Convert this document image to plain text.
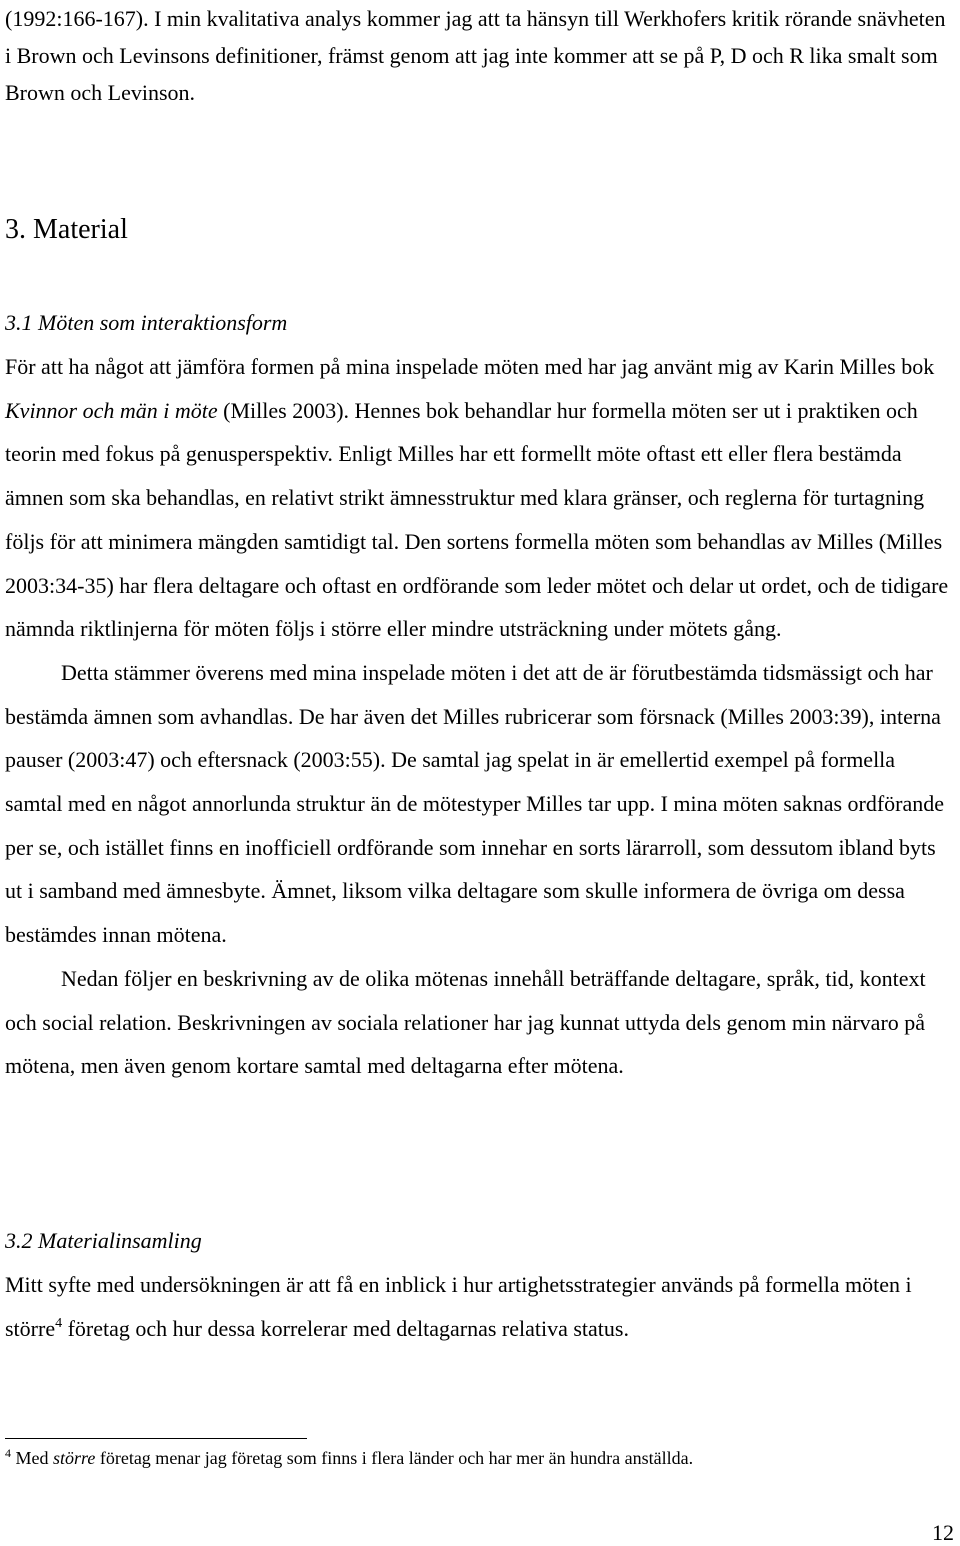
(1992:166-167). I min kvalitativa analys kommer jag att ta hänsyn till Werkhofers kritik rörande snävheten i Brown och Levinsons definitioner, främst genom att jag inte kommer att se på P, D och R lika smalt som Brown och Levinson.

3. Material

3.1 Möten som interaktionsform

För att ha något att jämföra formen på mina inspelade möten med har jag använt mig av Karin Milles bok Kvinnor och män i möte (Milles 2003). Hennes bok behandlar hur formella möten ser ut i praktiken och teorin med fokus på genusperspektiv. Enligt Milles har ett formellt möte oftast ett eller flera bestämda ämnen som ska behandlas, en relativt strikt ämnesstruktur med klara gränser, och reglerna för turtagning följs för att minimera mängden samtidigt tal. Den sortens formella möten som behandlas av Milles (Milles 2003:34-35) har flera deltagare och oftast en ordförande som leder mötet och delar ut ordet, och de tidigare nämnda riktlinjerna för möten följs i större eller mindre utsträckning under mötets gång.

Detta stämmer överens med mina inspelade möten i det att de är förutbestämda tidsmässigt och har bestämda ämnen som avhandlas. De har även det Milles rubricerar som försnack (Milles 2003:39), interna pauser (2003:47) och eftersnack (2003:55). De samtal jag spelat in är emellertid exempel på formella samtal med en något annorlunda struktur än de mötestyper Milles tar upp. I mina möten saknas ordförande per se, och istället finns en inofficiell ordförande som innehar en sorts lärarroll, som dessutom ibland byts ut i samband med ämnesbyte. Ämnet, liksom vilka deltagare som skulle informera de övriga om dessa bestämdes innan mötena.

Nedan följer en beskrivning av de olika mötenas innehåll beträffande deltagare, språk, tid, kontext och social relation. Beskrivningen av sociala relationer har jag kunnat uttyda dels genom min närvaro på mötena, men även genom kortare samtal med deltagarna efter mötena.

3.2 Materialinsamling

Mitt syfte med undersökningen är att få en inblick i hur artighetsstrategier används på formella möten i större$^4$ företag och hur dessa korrelerar med deltagarnas relativa status.

$^4$ Med större företag menar jag företag som finns i flera länder och har mer än hundra anställda.

12
